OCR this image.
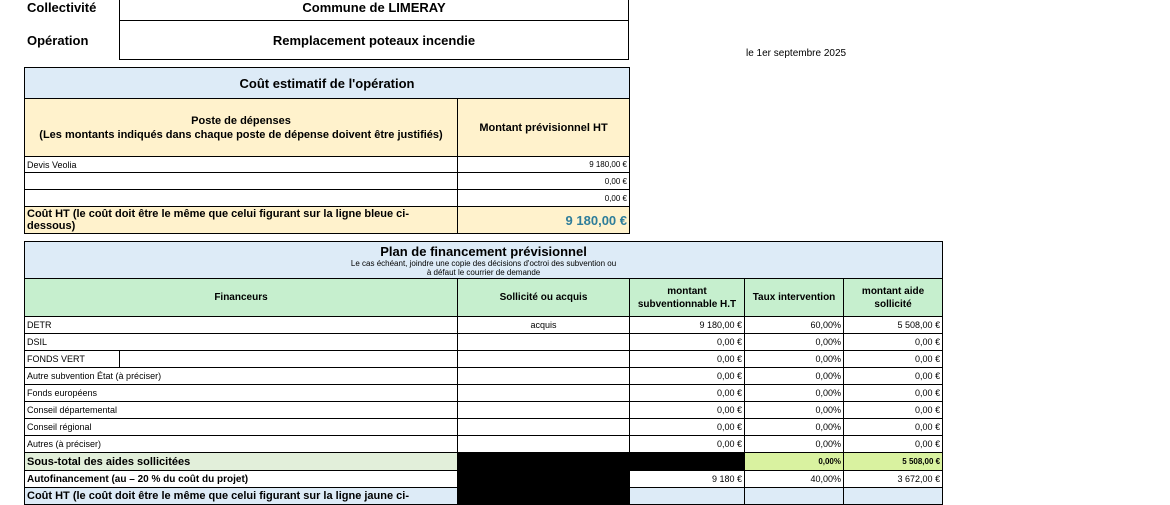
Collectivité	Commune de LIMERAY
Opération	Remplacement poteaux incendie
le 1er septembre 2025
Coût estimatif de l'opération	

Poste de dépenses
(Les montants indiqués dans chaque poste de dépense doivent être justifiés)	Montant prévisionnel HT
Devis Veolia	9 180,00 €
	0,00 €
	0,00 €
Coût HT (le coût doit être le même que celui figurant sur la ligne bleue ci-dessous)	9 180,00 €
Plan de financement prévisionnel
Le cas échéant, joindre une copie des décisions d'octroi des subvention ou
à défaut le courrier de demande					

Financeurs		Sollicité ou acquis	montant subventionnable H.T	Taux intervention	montant aide sollicité
DETR		acquis	9 180,00 €	60,00%	5 508,00 €
DSIL			0,00 €	0,00%	0,00 €
FONDS VERT			0,00 €	0,00%	0,00 €
Autre subvention État (à préciser)			0,00 €	0,00%	0,00 €
Fonds européens			0,00 €	0,00%	0,00 €
Conseil départemental			0,00 €	0,00%	0,00 €
Conseil régional			0,00 €	0,00%	0,00 €
Autres (à préciser)			0,00 €	0,00%	0,00 €
Sous-total des aides sollicitées				0,00%	5 508,00 €
Autofinancement (au – 20 % du coût du projet)			9 180 €	40,00%	3 672,00 €
Coût HT (le coût doit être le même que celui figurant sur la ligne jaune ci-					
